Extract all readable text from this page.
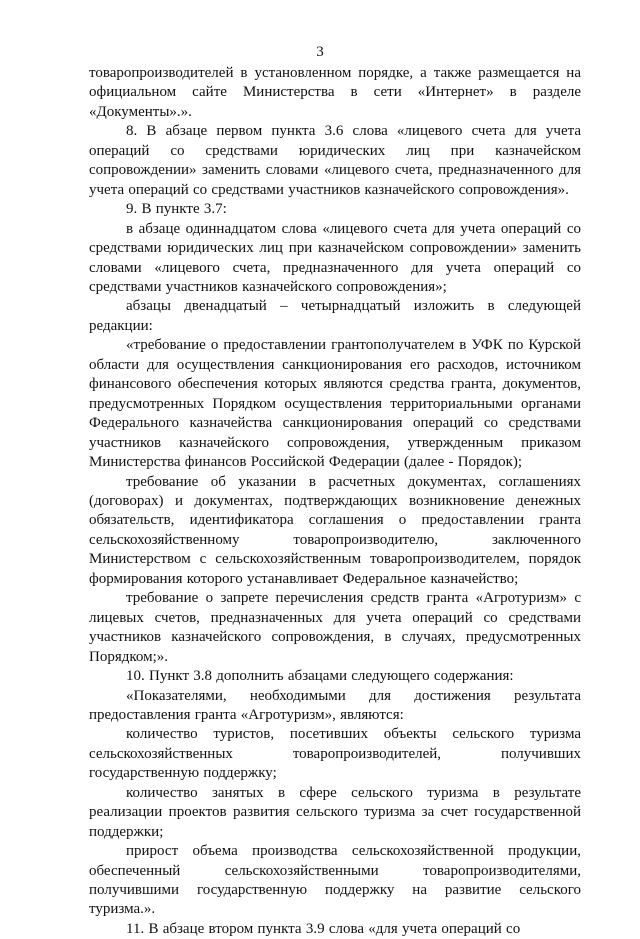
3

товаропроизводителей в установленном порядке, а также размещается на официальном сайте Министерства в сети «Интернет» в разделе «Документы».».

8. В абзаце первом пункта 3.6 слова «лицевого счета для учета операций со средствами юридических лиц при казначейском сопровождении» заменить словами «лицевого счета, предназначенного для учета операций со средствами участников казначейского сопровождения».

9. В пункте 3.7:

в абзаце одиннадцатом слова «лицевого счета для учета операций со средствами юридических лиц при казначейском сопровождении» заменить словами «лицевого счета, предназначенного для учета операций со средствами участников казначейского сопровождения»;

абзацы двенадцатый – четырнадцатый изложить в следующей редакции:

«требование о предоставлении грантополучателем в УФК по Курской области для осуществления санкционирования его расходов, источником финансового обеспечения которых являются средства гранта, документов, предусмотренных Порядком осуществления территориальными органами Федерального казначейства санкционирования операций со средствами участников казначейского сопровождения, утвержденным приказом Министерства финансов Российской Федерации (далее - Порядок);

требование об указании в расчетных документах, соглашениях (договорах) и документах, подтверждающих возникновение денежных обязательств, идентификатора соглашения о предоставлении гранта сельскохозяйственному товаропроизводителю, заключенного Министерством с сельскохозяйственным товаропроизводителем, порядок формирования которого устанавливает Федеральное казначейство;

требование о запрете перечисления средств гранта «Агротуризм» с лицевых счетов, предназначенных для учета операций со средствами участников казначейского сопровождения, в случаях, предусмотренных Порядком;».

10. Пункт 3.8 дополнить абзацами следующего содержания:

«Показателями, необходимыми для достижения результата предоставления гранта «Агротуризм», являются:

количество туристов, посетивших объекты сельского туризма сельскохозяйственных товаропроизводителей, получивших государственную поддержку;

количество занятых в сфере сельского туризма в результате реализации проектов развития сельского туризма за счет государственной поддержки;

прирост объема производства сельскохозяйственной продукции, обеспеченный сельскохозяйственными товаропроизводителями, получившими государственную поддержку на развитие сельского туризма.».

11. В абзаце втором пункта 3.9 слова «для учета операций со
